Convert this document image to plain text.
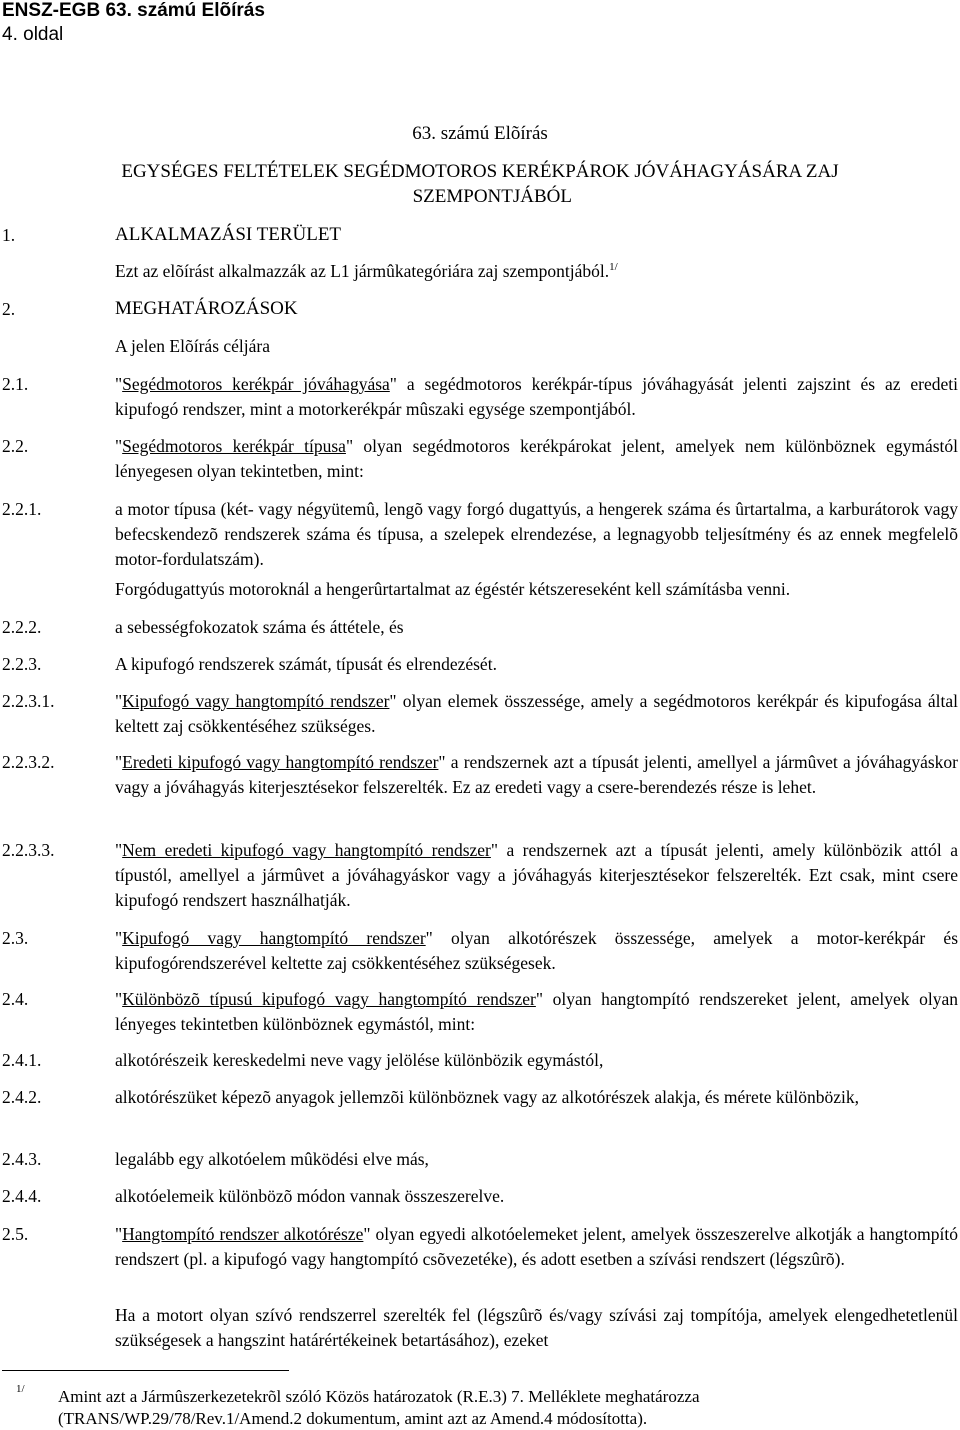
ENSZ-EGB 63. számú Elõírás
4. oldal
63. számú Elõírás
EGYSÉGES FELTÉTELEK SEGÉDMOTOROS KERÉKPÁROK JÓVÁHAGYÁSÁRA ZAJ
SZEMPONTJÁBÓL
1.	ALKALMAZÁSI TERÜLET
Ezt az elõírást alkalmazzák az L1 jármûkategóriára zaj szempontjából.$^{1/}$
2.	MEGHATÁROZÁSOK
A jelen Elõírás céljára
2.1.	"Segédmotoros kerékpár jóváhagyása" a segédmotoros kerékpár-típus jóváhagyását jelenti zajszint és az eredeti kipufogó rendszer, mint a motorkerékpár mûszaki egysége szempontjából.
2.2.	"Segédmotoros kerékpár típusa" olyan segédmotoros kerékpárokat jelent, amelyek nem különböznek egymástól lényegesen olyan tekintetben, mint:
2.2.1.	a motor típusa (két- vagy négyütemû, lengõ vagy forgó dugattyús, a hengerek száma és ûrtartalma, a karburátorok vagy befecskendezõ rendszerek száma és típusa, a szelepek elrendezése, a legnagyobb teljesítmény és az ennek megfelelõ motor-fordulatszám).
Forgódugattyús motoroknál a hengerûrtartalmat az égéstér kétszereseként kell számításba venni.
2.2.2.	a sebességfokozatok száma és áttétele, és
2.2.3.	A kipufogó rendszerek számát, típusát és elrendezését.
2.2.3.1.	"Kipufogó vagy hangtompító rendszer" olyan elemek összessége, amely a segédmotoros kerékpár és kipufogása által keltett zaj csökkentéséhez szükséges.
2.2.3.2.	"Eredeti kipufogó vagy hangtompító rendszer" a rendszernek azt a típusát jelenti, amellyel a jármûvet a jóváhagyáskor vagy a jóváhagyás kiterjesztésekor felszerelték. Ez az eredeti vagy a csere-berendezés része is lehet.
2.2.3.3.	"Nem eredeti kipufogó vagy hangtompító rendszer" a rendszernek azt a típusát jelenti, amely különbözik attól a típustól, amellyel a jármûvet a jóváhagyáskor vagy a jóváhagyás kiterjesztésekor felszerelték. Ezt csak, mint csere kipufogó rendszert használhatják.
2.3.	"Kipufogó vagy hangtompító rendszer" olyan alkotórészek összessége, amelyek a motor-kerékpár és kipufogórendszerével keltette zaj csökkentéséhez szükségesek.
2.4.	"Különbözõ típusú kipufogó vagy hangtompító rendszer" olyan hangtompító rendszereket jelent, amelyek olyan lényeges tekintetben különböznek egymástól, mint:
2.4.1.	alkotórészeik kereskedelmi neve vagy jelölése különbözik egymástól,
2.4.2.	alkotórészüket képezõ anyagok jellemzõi különböznek vagy az alkotórészek alakja, és mérete különbözik,
2.4.3.	legalább egy alkotóelem mûködési elve más,
2.4.4.	alkotóelemeik különbözõ módon vannak összeszerelve.
2.5.	"Hangtompító rendszer alkotórésze" olyan egyedi alkotóelemeket jelent, amelyek összeszerelve alkotják a hangtompító rendszert (pl. a kipufogó vagy hangtompító csõvezetéke), és adott esetben a szívási rendszert (légszûrõ).
Ha a motort olyan szívó rendszerrel szerelték fel (légszûrõ és/vagy szívási zaj tompítója, amelyek elengedhetetlenül szükségesek a hangszint határértékeinek betartásához), ezeket
1/ Amint azt a Jármûszerkezetekrõl szóló Közös határozatok (R.E.3) 7. Melléklete meghatározza
(TRANS/WP.29/78/Rev.1/Amend.2 dokumentum, amint azt az Amend.4 módosította).
